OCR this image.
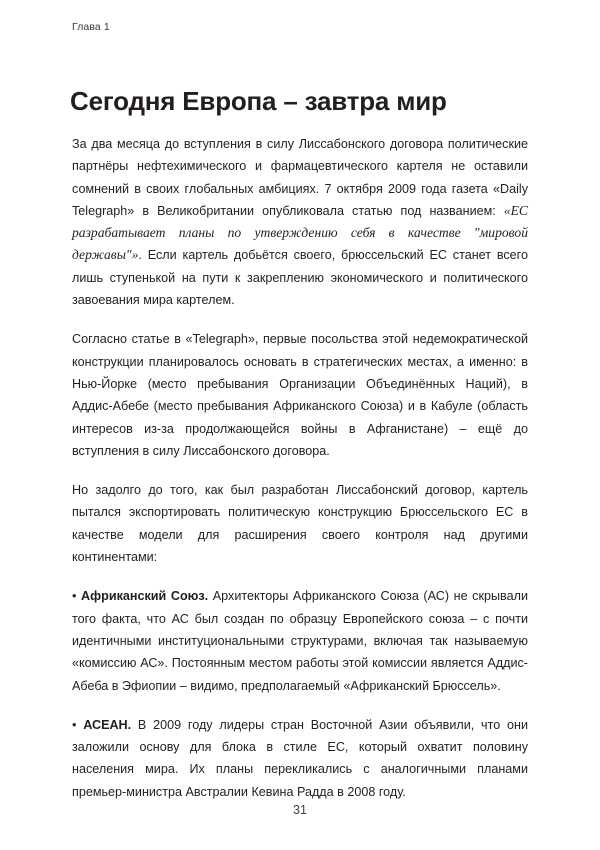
Глава 1
Сегодня Европа – завтра мир

За два месяца до вступления в силу Лиссабонского договора политические партнёры нефтехимического и фармацевтического картеля не оставили сомнений в своих глобальных амбициях. 7 октября 2009 года газета «Daily Telegraph» в Великобритании опубликовала статью под названием: «ЕС разрабатывает планы по утверждению себя в качестве "мировой державы"». Если картель добьётся своего, брюссельский ЕС станет всего лишь ступенькой на пути к закреплению экономического и политического завоевания мира картелем.

Согласно статье в «Telegraph», первые посольства этой недемократической конструкции планировалось основать в стратегических местах, а именно: в Нью-Йорке (место пребывания Организации Объединённых Наций), в Аддис-Абебе (место пребывания Африканского Союза) и в Кабуле (область интересов из-за продолжающейся войны в Афганистане) – ещё до вступления в силу Лиссабонского договора.

Но задолго до того, как был разработан Лиссабонский договор, картель пытался экспортировать политическую конструкцию Брюссельского ЕС в качестве модели для расширения своего контроля над другими континентами:

• Африканский Союз. Архитекторы Африканского Союза (АС) не скрывали того факта, что АС был создан по образцу Европейского союза – с почти идентичными институциональными структурами, включая так называемую «комиссию АС». Постоянным местом работы этой комиссии является Аддис-Абеба в Эфиопии – видимо, предполагаемый «Африканский Брюссель».

• АСЕАН. В 2009 году лидеры стран Восточной Азии объявили, что они заложили основу для блока в стиле ЕС, который охватит половину населения мира. Их планы перекликались с аналогичными планами премьер-министра Австралии Кевина Радда в 2008 году.

31
